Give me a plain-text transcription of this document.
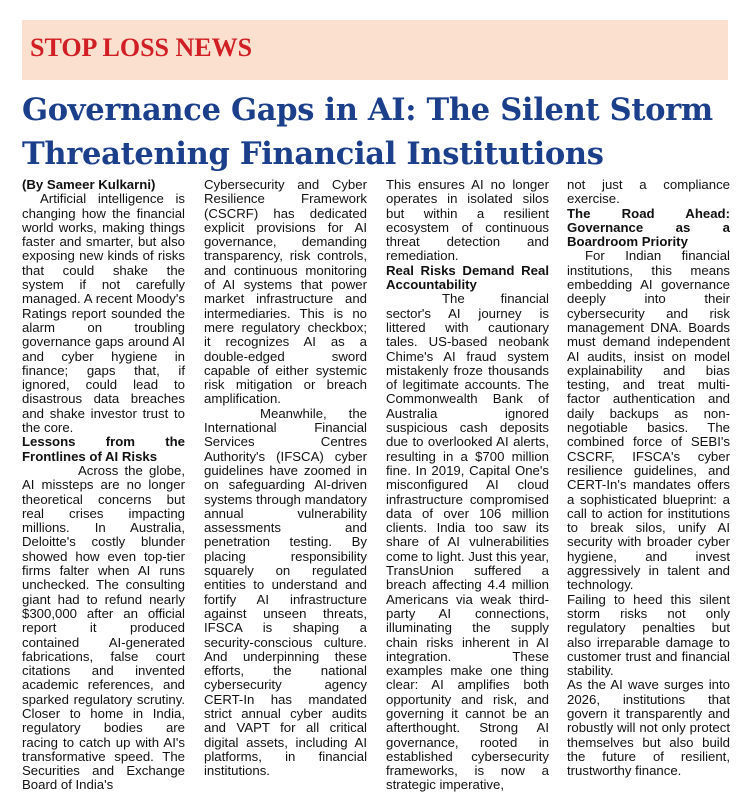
STOP LOSS NEWS
Governance Gaps in AI: The Silent Storm Threatening Financial Institutions

(By Sameer Kulkarni)

Artificial intelligence is changing how the financial world works, making things faster and smarter, but also exposing new kinds of risks that could shake the system if not carefully managed. A recent Moody's Ratings report sounded the alarm on troubling governance gaps around AI and cyber hygiene in finance; gaps that, if ignored, could lead to disastrous data breaches and shake investor trust to the core.

Lessons from the Frontlines of AI Risks

Across the globe, AI missteps are no longer theoretical concerns but real crises impacting millions. In Australia, Deloitte's costly blunder showed how even top-tier firms falter when AI runs unchecked. The consulting giant had to refund nearly $300,000 after an official report it produced contained AI-generated fabrications, false court citations and invented academic references, and sparked regulatory scrutiny. Closer to home in India, regulatory bodies are racing to catch up with AI's transformative speed. The Securities and Exchange Board of India's

Cybersecurity and Cyber Resilience Framework (CSCRF) has dedicated explicit provisions for AI governance, demanding transparency, risk controls, and continuous monitoring of AI systems that power market infrastructure and intermediaries. This is no mere regulatory checkbox; it recognizes AI as a double-edged sword capable of either systemic risk mitigation or breach amplification.

Meanwhile, the International Financial Services Centres Authority's (IFSCA) cyber guidelines have zoomed in on safeguarding AI-driven systems through mandatory annual vulnerability assessments and penetration testing. By placing responsibility squarely on regulated entities to understand and fortify AI infrastructure against unseen threats, IFSCA is shaping a security-conscious culture. And underpinning these efforts, the national cybersecurity agency CERT-In has mandated strict annual cyber audits and VAPT for all critical digital assets, including AI platforms, in financial institutions.

This ensures AI no longer operates in isolated silos but within a resilient ecosystem of continuous threat detection and remediation.

Real Risks Demand Real Accountability

The financial sector's AI journey is littered with cautionary tales. US-based neobank Chime's AI fraud system mistakenly froze thousands of legitimate accounts. The Commonwealth Bank of Australia ignored suspicious cash deposits due to overlooked AI alerts, resulting in a $700 million fine. In 2019, Capital One's misconfigured AI cloud infrastructure compromised data of over 106 million clients. India too saw its share of AI vulnerabilities come to light. Just this year, TransUnion suffered a breach affecting 4.4 million Americans via weak third-party AI connections, illuminating the supply chain risks inherent in AI integration. These examples make one thing clear: AI amplifies both opportunity and risk, and governing it cannot be an afterthought. Strong AI governance, rooted in established cybersecurity frameworks, is now a strategic imperative,

not just a compliance exercise.

The Road Ahead: Governance as a Boardroom Priority

For Indian financial institutions, this means embedding AI governance deeply into their cybersecurity and risk management DNA. Boards must demand independent AI audits, insist on model explainability and bias testing, and treat multi-factor authentication and daily backups as non-negotiable basics. The combined force of SEBI's CSCRF, IFSCA's cyber resilience guidelines, and CERT-In's mandates offers a sophisticated blueprint: a call to action for institutions to break silos, unify AI security with broader cyber hygiene, and invest aggressively in talent and technology.

Failing to heed this silent storm risks not only regulatory penalties but also irreparable damage to customer trust and financial stability.

As the AI wave surges into 2026, institutions that govern it transparently and robustly will not only protect themselves but also build the future of resilient, trustworthy finance.
